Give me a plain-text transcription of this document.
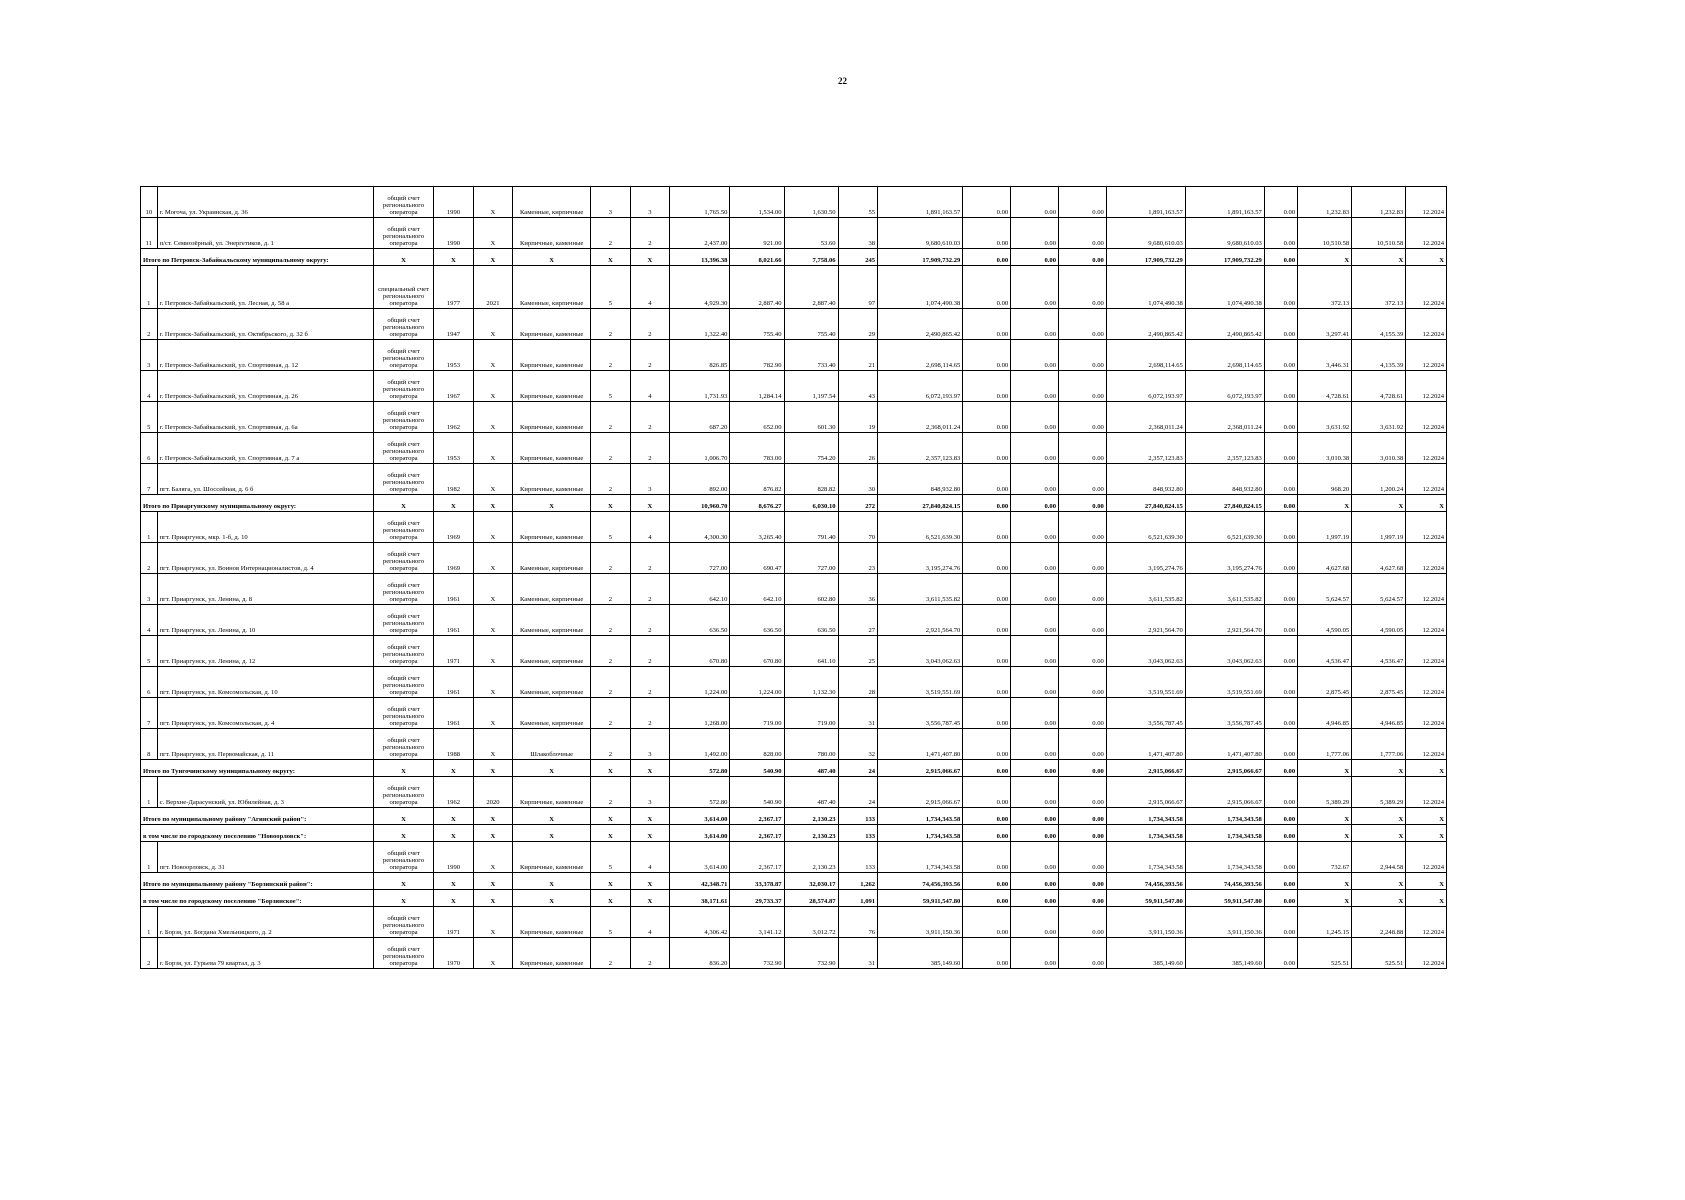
22
10	г. Могоча, ул. Украинская, д. 36	общий счет регионального оператора	1990	X	Каменные, кирпичные	3	3	1,765.50	1,534.00	1,630.50	55	1,891,163.57	0.00	0.00	0.00	1,891,163.57	1,891,163.57	0.00	1,232.83	1,232.83	12.2024
11	п/ст. Семиозёрный, ул. Энергетиков, д. 1	общий счет регионального оператора	1990	X	Кирпичные, каменные	2	2	2,437.00	921.00	53.60	38	9,680,610.03	0.00	0.00	0.00	9,680,610.03	9,680,610.03	0.00	10,510.58	10,510.58	12.2024
Итого по Петровск-Забайкальскому муниципальному округу:		X	X	X	X	X	X	13,396.38	8,021.66	7,758.06	245	17,909,732.29	0.00	0.00	0.00	17,909,732.29	17,909,732.29	0.00	X	X	X
1	г. Петровск-Забайкальский, ул. Лесная, д. 58 а	специальный счет регионального оператора	1977	2021	Каменные, кирпичные	5	4	4,929.30	2,887.40	2,887.40	97	1,074,490.38	0.00	0.00	0.00	1,074,490.38	1,074,490.38	0.00	372.13	372.13	12.2024
2	г. Петровск-Забайкальский, ул. Октябрьского, д. 32 б	общий счет регионального оператора	1947	X	Кирпичные, каменные	2	2	1,322.40	755.40	755.40	29	2,490,865.42	0.00	0.00	0.00	2,490,865.42	2,490,865.42	0.00	3,297.41	4,155.39	12.2024
3	г. Петровск-Забайкальский, ул. Спортивная, д. 12	общий счет регионального оператора	1953	X	Кирпичные, каменные	2	2	826.85	782.90	733.40	21	2,698,114.65	0.00	0.00	0.00	2,698,114.65	2,698,114.65	0.00	3,446.31	4,135.39	12.2024
4	г. Петровск-Забайкальский, ул. Спортивная, д. 26	общий счет регионального оператора	1967	X	Кирпичные, каменные	5	4	1,731.93	1,284.14	1,197.54	43	6,072,193.97	0.00	0.00	0.00	6,072,193.97	6,072,193.97	0.00	4,728.61	4,728.61	12.2024
5	г. Петровск-Забайкальский, ул. Спортивная, д. 6а	общий счет регионального оператора	1962	X	Кирпичные, каменные	2	2	687.20	652.00	601.30	19	2,368,011.24	0.00	0.00	0.00	2,368,011.24	2,368,011.24	0.00	3,631.92	3,631.92	12.2024
6	г. Петровск-Забайкальский, ул. Спортивная, д. 7 а	общий счет регионального оператора	1953	X	Кирпичные, каменные	2	2	1,006.70	783.00	754.20	26	2,357,123.83	0.00	0.00	0.00	2,357,123.83	2,357,123.83	0.00	3,010.38	3,010.38	12.2024
7	пгт. Балягa, ул. Шоссейная, д. 6 б	общий счет регионального оператора	1982	X	Кирпичные, каменные	2	3	892.00	876.82	828.82	30	848,932.80	0.00	0.00	0.00	848,932.80	848,932.80	0.00	968.20	1,200.24	12.2024
Итого по Приаргунскому муниципальному округу:		X	X	X	X	X	X	10,960.70	8,676.27	6,030.10	272	27,840,824.15	0.00	0.00	0.00	27,840,824.15	27,840,824.15	0.00	X	X	X
1	пгт. Приаргунск, мкр. 1-б, д. 10	общий счет регионального оператора	1969	X	Кирпичные, каменные	5	4	4,300.30	3,265.40	791.40	70	6,521,639.30	0.00	0.00	0.00	6,521,639.30	6,521,639.30	0.00	1,997.19	1,997.19	12.2024
2	пгт. Приаргунск, ул. Воинов Интернационалистов, д. 4	общий счет регионального оператора	1969	X	Каменные, кирпичные	2	2	727.00	690.47	727.00	23	3,195,274.76	0.00	0.00	0.00	3,195,274.76	3,195,274.76	0.00	4,627.68	4,627.68	12.2024
3	пгт. Приаргунск, ул. Ленина, д. 8	общий счет регионального оператора	1961	X	Каменные, кирпичные	2	2	642.10	642.10	602.80	36	3,611,535.82	0.00	0.00	0.00	3,611,535.82	3,611,535.82	0.00	5,624.57	5,624.57	12.2024
4	пгт. Приаргунск, ул. Ленина, д. 10	общий счет регионального оператора	1961	X	Каменные, кирпичные	2	2	636.50	636.50	636.50	27	2,921,564.70	0.00	0.00	0.00	2,921,564.70	2,921,564.70	0.00	4,590.05	4,590.05	12.2024
5	пгт. Приаргунск, ул. Ленина, д. 12	общий счет регионального оператора	1971	X	Каменные, кирпичные	2	2	670.80	670.80	641.10	25	3,043,062.63	0.00	0.00	0.00	3,043,062.63	3,043,062.63	0.00	4,536.47	4,536.47	12.2024
6	пгт. Приаргунск, ул. Комсомольская, д. 10	общий счет регионального оператора	1961	X	Каменные, кирпичные	2	2	1,224.00	1,224.00	1,132.30	28	3,519,551.69	0.00	0.00	0.00	3,519,551.69	3,519,551.69	0.00	2,875.45	2,875.45	12.2024
7	пгт. Приаргунск, ул. Комсомольская, д. 4	общий счет регионального оператора	1961	X	Каменные, кирпичные	2	2	1,268.00	719.00	719.00	31	3,556,787.45	0.00	0.00	0.00	3,556,787.45	3,556,787.45	0.00	4,946.85	4,946.85	12.2024
8	пгт. Приаргунск, ул. Первомайская, д. 11	общий счет регионального оператора	1988	X	Шлакоблочные	2	3	1,492.00	828.00	780.00	32	1,471,407.80	0.00	0.00	0.00	1,471,407.80	1,471,407.80	0.00	1,777.06	1,777.06	12.2024
Итого по Тунгочинскому муниципальному округу:		X	X	X	X	X	X	572.80	540.90	487.40	24	2,915,066.67	0.00	0.00	0.00	2,915,066.67	2,915,066.67	0.00	X	X	X
1	с. Верхне-Дарасунский, ул. Юбилейная, д. 3	общий счет регионального оператора	1962	2020	Кирпичные, каменные	2	3	572.80	540.90	487.40	24	2,915,066.67	0.00	0.00	0.00	2,915,066.67	2,915,066.67	0.00	5,389.29	5,389.29	12.2024
Итого по муниципальному району "Агинский район":		X	X	X	X	X	X	3,614.00	2,367.17	2,130.23	133	1,734,343.58	0.00	0.00	0.00	1,734,343.58	1,734,343.58	0.00	X	X	X
в том числе по городскому поселению "Новоорловск":		X	X	X	X	X	X	3,614.00	2,367.17	2,130.23	133	1,734,343.58	0.00	0.00	0.00	1,734,343.58	1,734,343.58	0.00	X	X	X
1	пгт. Новоорловск, д. 31	общий счет регионального оператора	1990	X	Кирпичные, каменные	5	4	3,614.00	2,367.17	2,130.23	133	1,734,343.58	0.00	0.00	0.00	1,734,343.58	1,734,343.58	0.00	732.67	2,944.58	12.2024
Итого по муниципальному району "Борзинский район":		X	X	X	X	X	X	42,348.71	33,378.87	32,030.17	1,262	74,456,393.56	0.00	0.00	0.00	74,456,393.56	74,456,393.56	0.00	X	X	X
в том числе по городскому поселению "Борзинское":		X	X	X	X	X	X	38,171.61	29,733.37	28,574.87	1,091	59,911,547.80	0.00	0.00	0.00	59,911,547.80	59,911,547.80	0.00	X	X	X
1	г. Борзя, ул. Богдана Хмельницкого, д. 2	общий счет регионального оператора	1971	X	Кирпичные, каменные	5	4	4,306.42	3,141.12	3,012.72	76	3,911,150.36	0.00	0.00	0.00	3,911,150.36	3,911,150.36	0.00	1,245.15	2,248.88	12.2024
2	г. Борзя, ул. Гурьева 79 квартал, д. 3	общий счет регионального оператора	1970	X	Кирпичные, каменные	2	2	836.20	732.90	732.90	31	385,149.60	0.00	0.00	0.00	385,149.60	385,149.60	0.00	525.51	525.51	12.2024
